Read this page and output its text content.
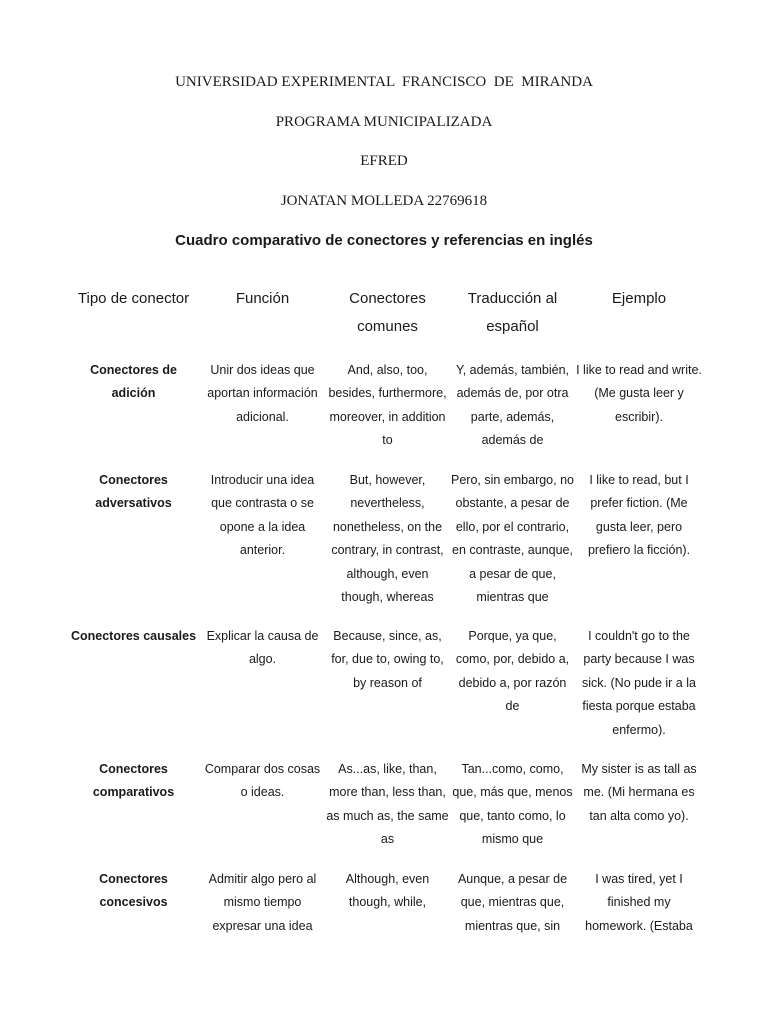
UNIVERSIDAD EXPERIMENTAL  FRANCISCO  DE  MIRANDA
PROGRAMA MUNICIPALIZADA
EFRED
JONATAN MOLLEDA 22769618
Cuadro comparativo de conectores y referencias en inglés
Tipo de conector	Función	Conectores comunes
Traducción al español
Ejemplo
Conectores de adición
Unir dos ideas que aportan información adicional.
And, also, too, besides, furthermore, moreover, in addition to
Y, además, también, además de, por otra parte, además, además de
I like to read and write. (Me gusta leer y escribir).
Conectores adversativos
Introducir una idea que contrasta o se opone a la idea anterior.
But, however, nevertheless, nonetheless, on the contrary, in contrast, although, even though, whereas
Pero, sin embargo, no obstante, a pesar de ello, por el contrario, en contraste, aunque, a pesar de que, mientras que
I like to read, but I prefer fiction. (Me gusta leer, pero prefiero la ficción).
Conectores causales Explicar la causa de algo.
Because, since, as, for, due to, owing to, by reason of
Porque, ya que, como, por, debido a, debido a, por razón de
I couldn't go to the party because I was sick. (No pude ir a la fiesta porque estaba enfermo).
Conectores comparativos
Comparar dos cosas o ideas.
As...as, like, than, more than, less than, as much as, the same as
Tan...como, como, que, más que, menos que, tanto como, lo mismo que
My sister is as tall as me. (Mi hermana es tan alta como yo).
Conectores concesivos
Admitir algo pero al mismo tiempo expresar una idea
Although, even though, while,
Aunque, a pesar de que, mientras que, mientras que, sin
I was tired, yet I finished my homework. (Estaba
